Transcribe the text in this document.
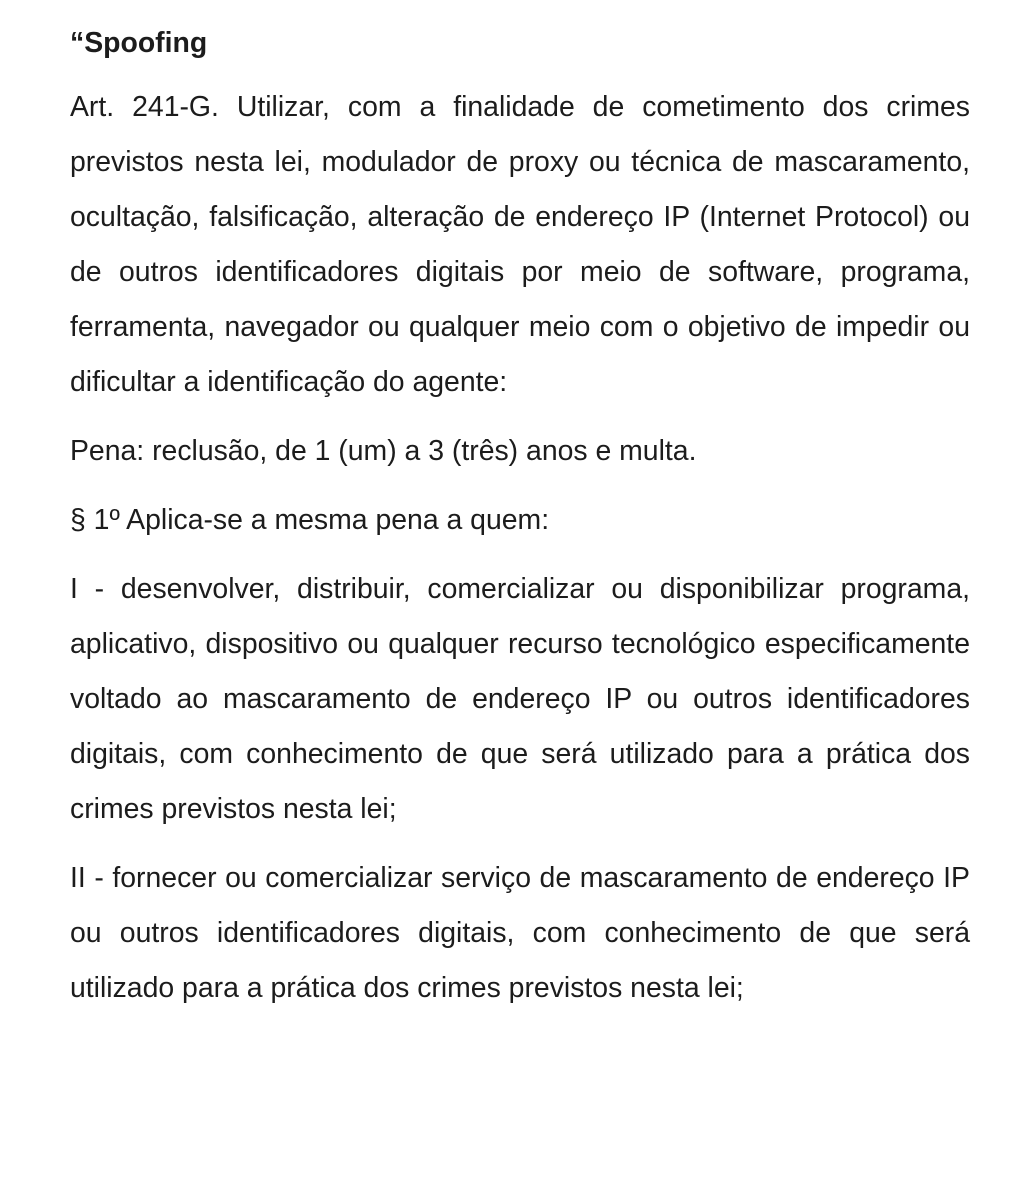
“Spoofing

Art. 241-G. Utilizar, com a finalidade de cometimento dos crimes previstos nesta lei, modulador de proxy ou técnica de mascaramento, ocultação, falsificação, alteração de endereço IP (Internet Protocol) ou de outros identificadores digitais por meio de software, programa, ferramenta, navegador ou qualquer meio com o objetivo de impedir ou dificultar a identificação do agente:

Pena: reclusão, de 1 (um) a 3 (três) anos e multa.

§ 1º Aplica-se a mesma pena a quem:

I - desenvolver, distribuir, comercializar ou disponibilizar programa, aplicativo, dispositivo ou qualquer recurso tecnológico especificamente voltado ao mascaramento de endereço IP ou outros identificadores digitais, com conhecimento de que será utilizado para a prática dos crimes previstos nesta lei;

II - fornecer ou comercializar serviço de mascaramento de endereço IP ou outros identificadores digitais, com conhecimento de que será utilizado para a prática dos crimes previstos nesta lei;
